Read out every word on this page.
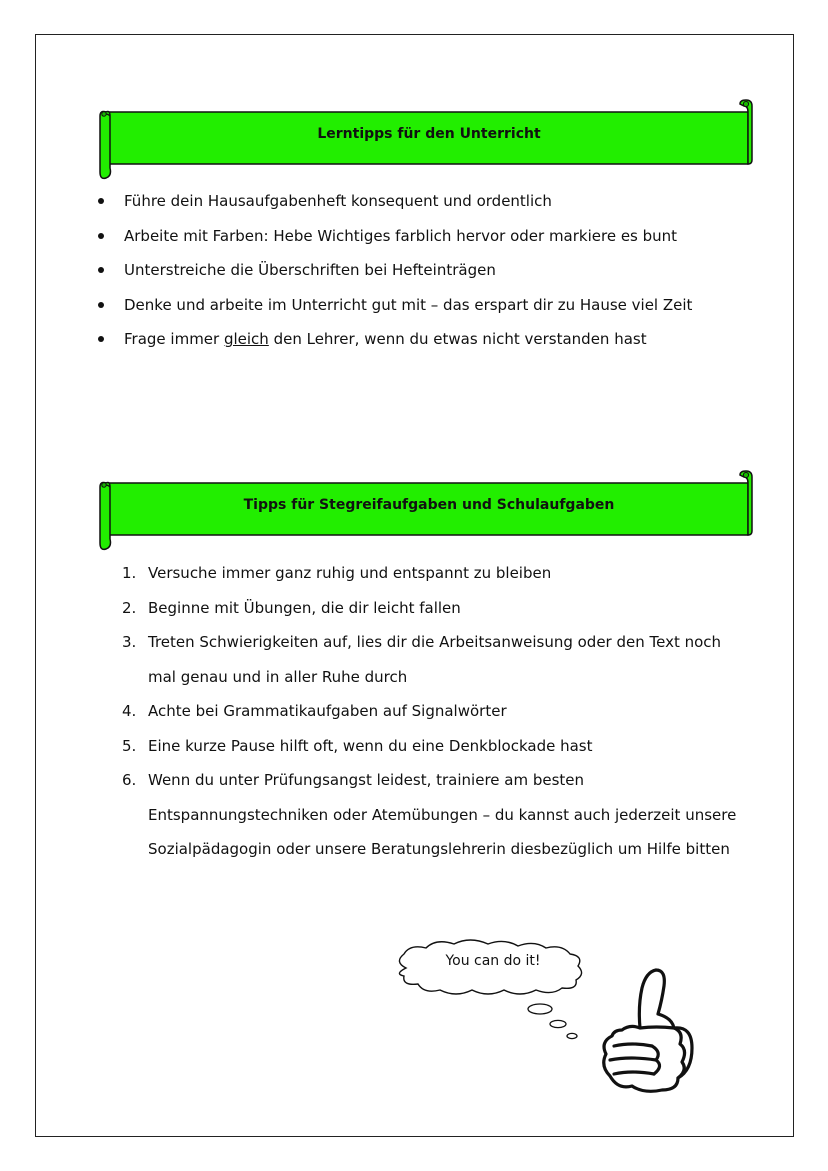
Lerntipps für den Unterricht
Führe dein Hausaufgabenheft konsequent und ordentlich
Arbeite mit Farben: Hebe Wichtiges farblich hervor oder markiere es bunt
Unterstreiche die Überschriften bei Hefteinträgen
Denke und arbeite im Unterricht gut mit – das erspart dir zu Hause viel Zeit
Frage immer gleich den Lehrer, wenn du etwas nicht verstanden hast
Tipps für Stegreifaufgaben und Schulaufgaben
1. Versuche immer ganz ruhig und entspannt zu bleiben
2. Beginne mit Übungen, die dir leicht fallen
3. Treten Schwierigkeiten auf, lies dir die Arbeitsanweisung oder den Text noch mal genau und in aller Ruhe durch
4. Achte bei Grammatikaufgaben auf Signalwörter
5. Eine kurze Pause hilft oft, wenn du eine Denkblockade hast
6. Wenn du unter Prüfungsangst leidest, trainiere am besten Entspannungstechniken oder Atemübungen – du kannst auch jederzeit unsere Sozialpädagogin oder unsere Beratungslehrerin diesbezüglich um Hilfe bitten
You can do it!
